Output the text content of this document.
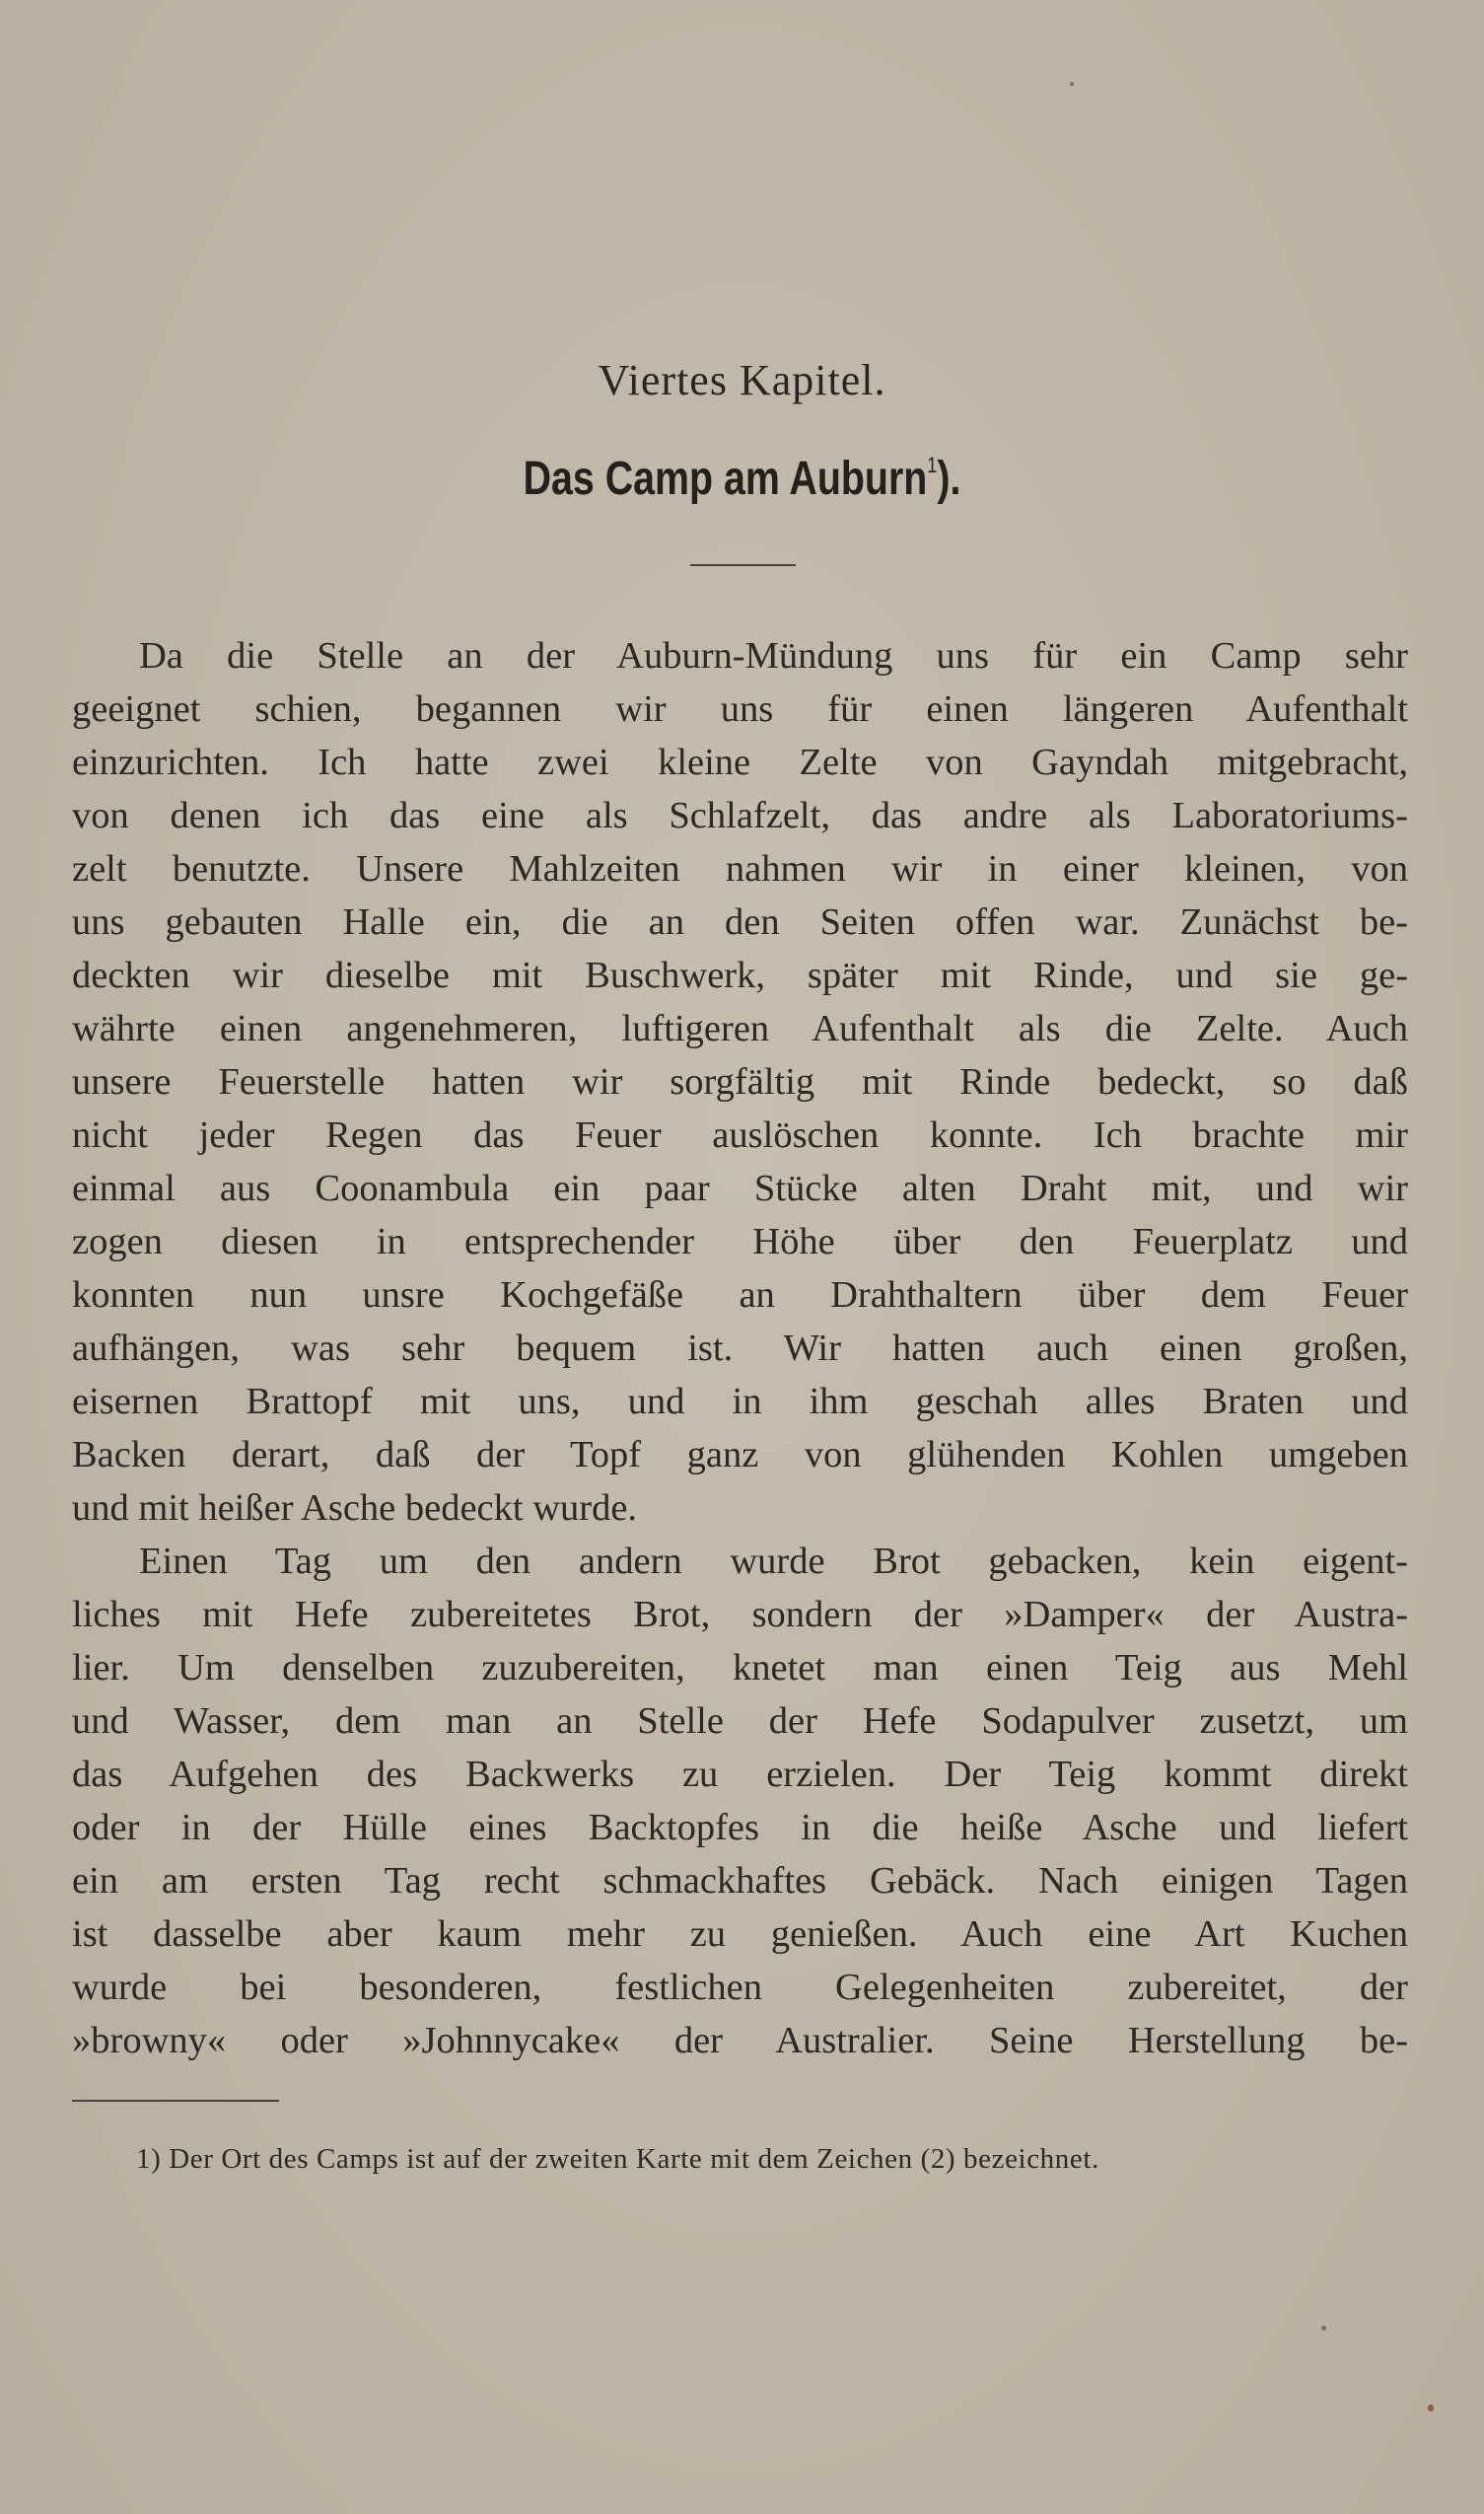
Viertes Kapitel.
Das Camp am Auburn$^1$).
Da die Stelle an der Auburn-Mündung uns für ein Camp sehr
geeignet schien, begannen wir uns für einen längeren Aufenthalt
einzurichten. Ich hatte zwei kleine Zelte von Gayndah mitgebracht,
von denen ich das eine als Schlafzelt, das andre als Laboratoriums-
zelt benutzte. Unsere Mahlzeiten nahmen wir in einer kleinen, von
uns gebauten Halle ein, die an den Seiten offen war. Zunächst be-
deckten wir dieselbe mit Buschwerk, später mit Rinde, und sie ge-
währte einen angenehmeren, luftigeren Aufenthalt als die Zelte. Auch
unsere Feuerstelle hatten wir sorgfältig mit Rinde bedeckt, so daß
nicht jeder Regen das Feuer auslöschen konnte. Ich brachte mir
einmal aus Coonambula ein paar Stücke alten Draht mit, und wir
zogen diesen in entsprechender Höhe über den Feuerplatz und
konnten nun unsre Kochgefäße an Drahthaltern über dem Feuer
aufhängen, was sehr bequem ist. Wir hatten auch einen großen,
eisernen Brattopf mit uns, und in ihm geschah alles Braten und
Backen derart, daß der Topf ganz von glühenden Kohlen umgeben
und mit heißer Asche bedeckt wurde.
Einen Tag um den andern wurde Brot gebacken, kein eigent-
liches mit Hefe zubereitetes Brot, sondern der »Damper« der Austra-
lier. Um denselben zuzubereiten, knetet man einen Teig aus Mehl
und Wasser, dem man an Stelle der Hefe Sodapulver zusetzt, um
das Aufgehen des Backwerks zu erzielen. Der Teig kommt direkt
oder in der Hülle eines Backtopfes in die heiße Asche und liefert
ein am ersten Tag recht schmackhaftes Gebäck. Nach einigen Tagen
ist dasselbe aber kaum mehr zu genießen. Auch eine Art Kuchen
wurde bei besonderen, festlichen Gelegenheiten zubereitet, der
»browny« oder »Johnnycake« der Australier. Seine Herstellung be-
1) Der Ort des Camps ist auf der zweiten Karte mit dem Zeichen (2) bezeichnet.
